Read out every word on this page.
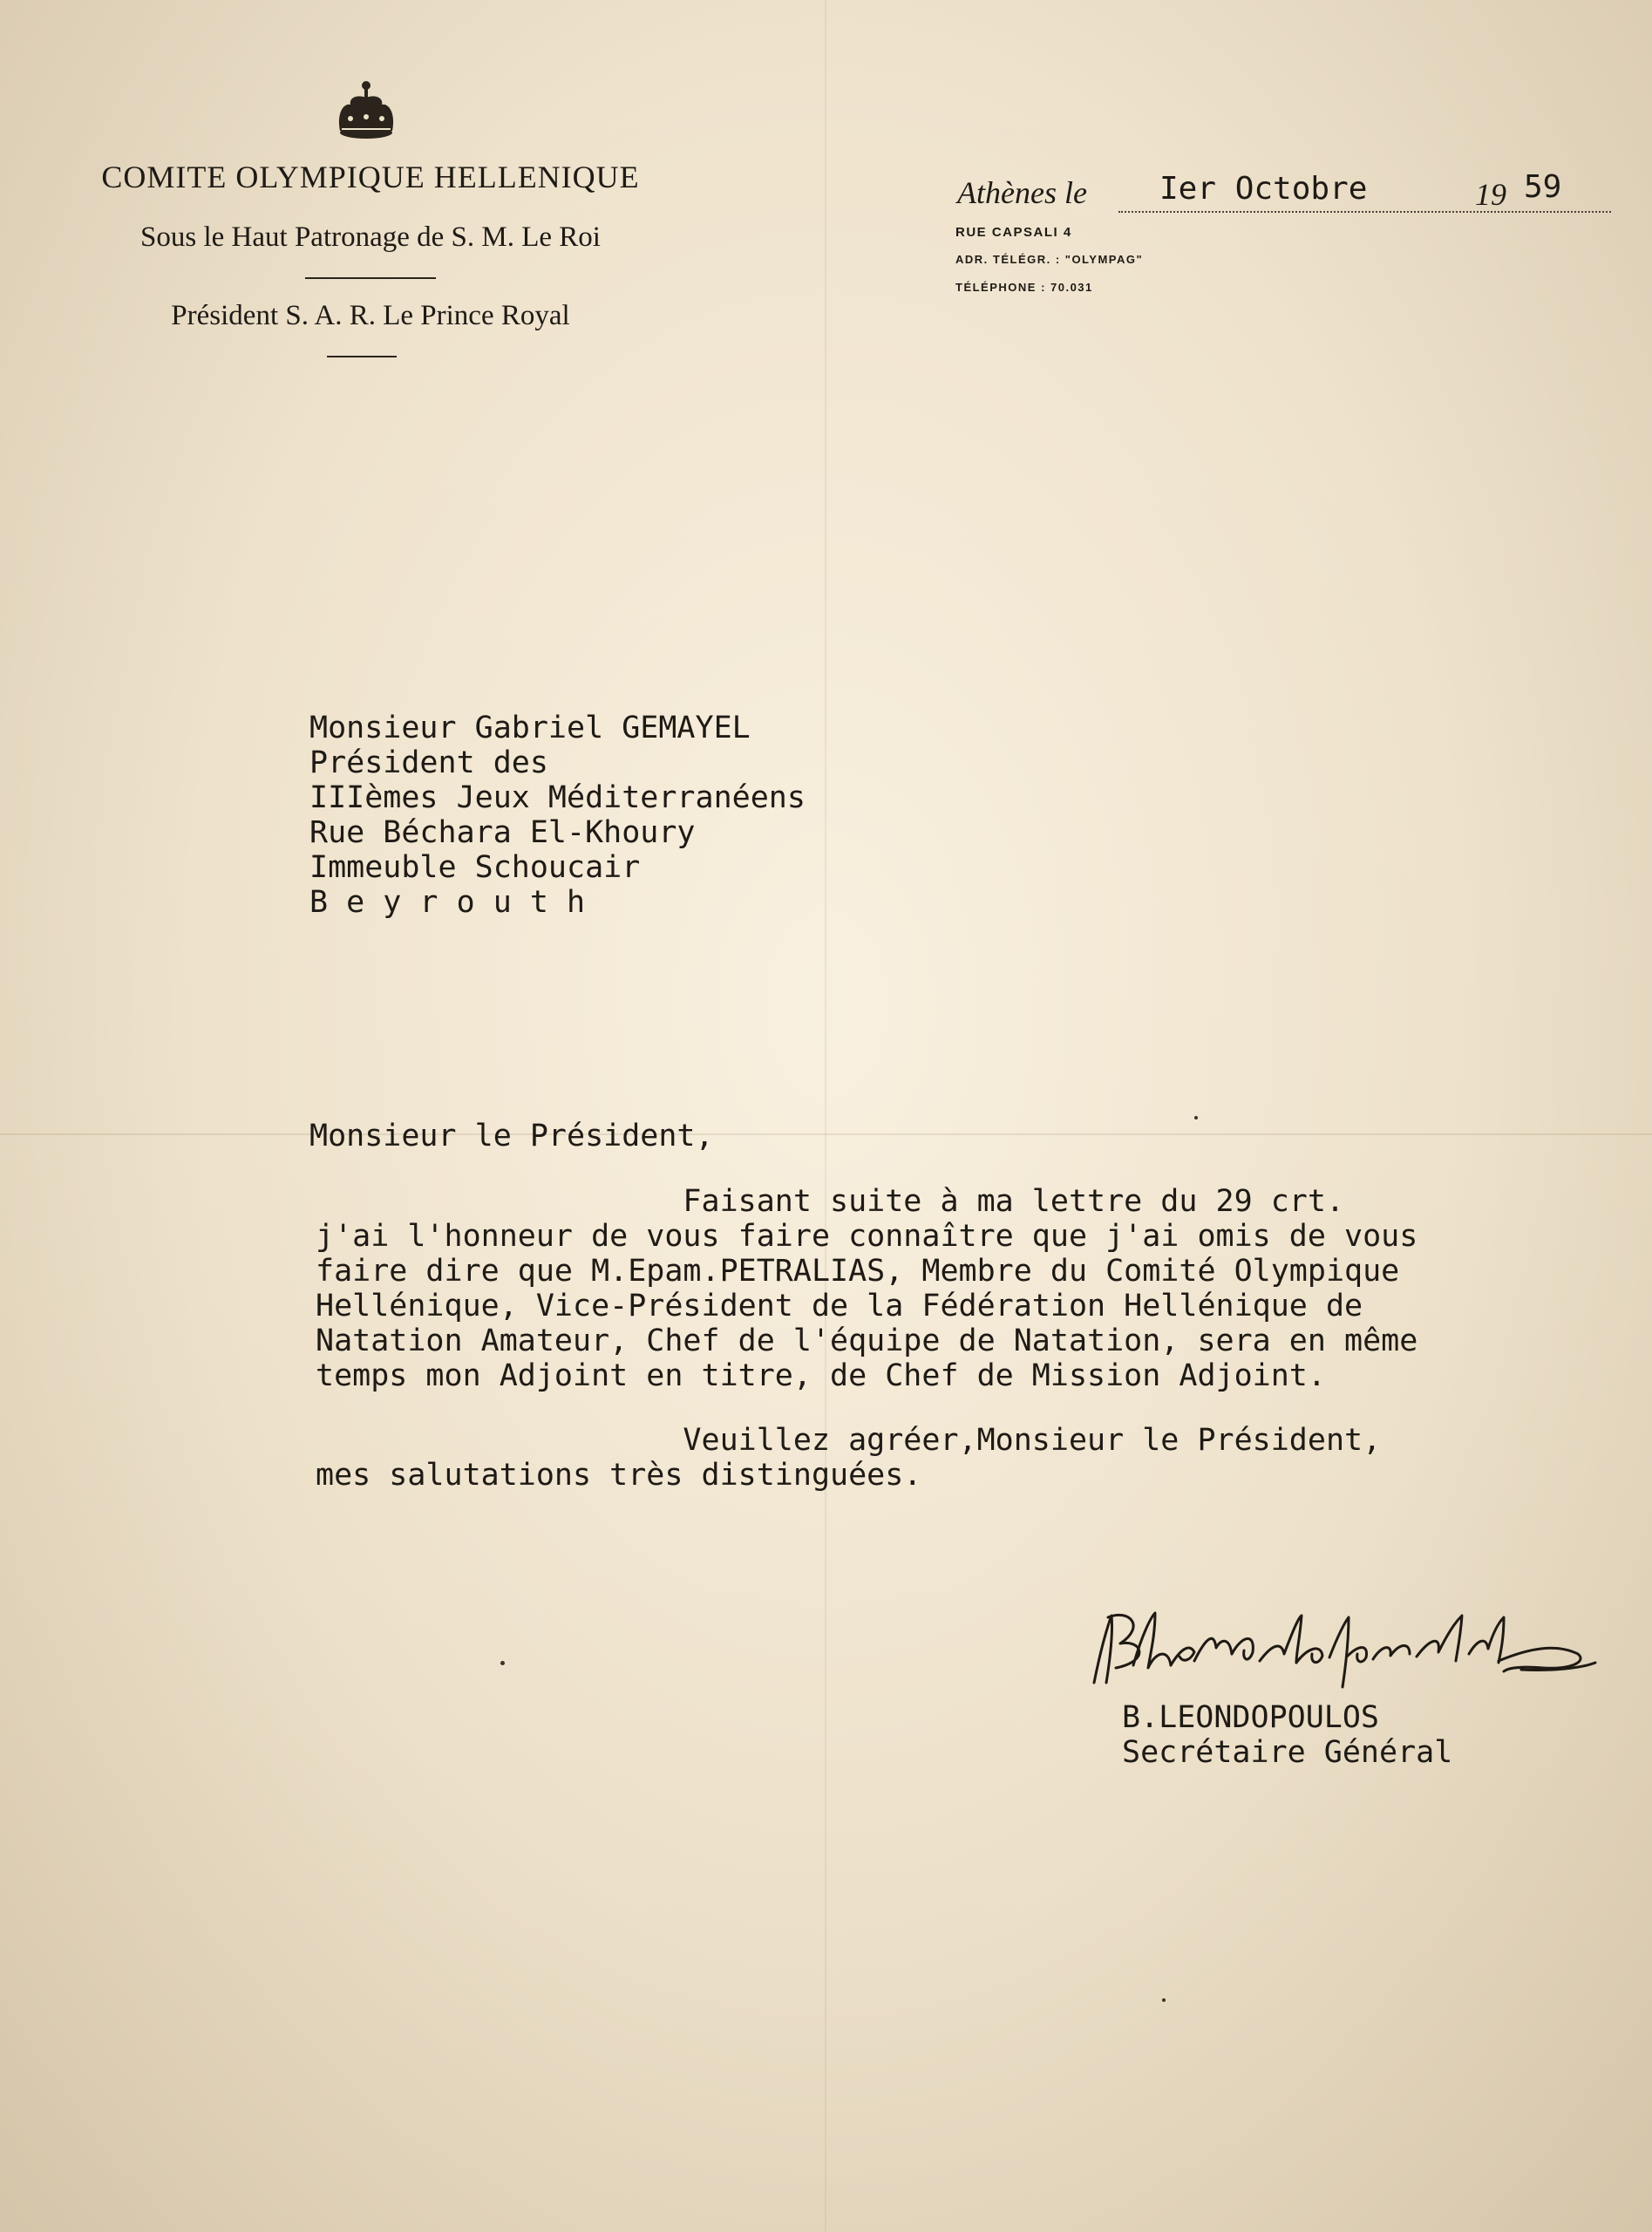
COMITE OLYMPIQUE HELLENIQUE
Sous le Haut Patronage de S. M. Le Roi
Président S. A. R. Le Prince Royal
Athènes le Ier Octobre	19 59
RUE CAPSALI 4
ADR. TÉLÉGR. : "OLYMPAG"
TÉLÉPHONE : 70.031
Monsieur Gabriel GEMAYEL
Président des
IIIèmes Jeux Méditerranéens
Rue Béchara El-Khoury
Immeuble Schoucair
B e y r o u t h
Monsieur le Président,
Faisant suite à ma lettre du 29 crt.
j'ai l'honneur de vous faire connaître que j'ai omis de vous
faire dire que M.Epam.PETRALIAS, Membre du Comité Olympique
Hellénique, Vice-Président de la Fédération Hellénique de
Natation Amateur, Chef de l'équipe de Natation, sera en même
temps mon Adjoint en titre, de Chef de Mission Adjoint.
Veuillez agréer,Monsieur le Président,
mes salutations très distinguées.
B.LEONDOPOULOS
Secrétaire Général
